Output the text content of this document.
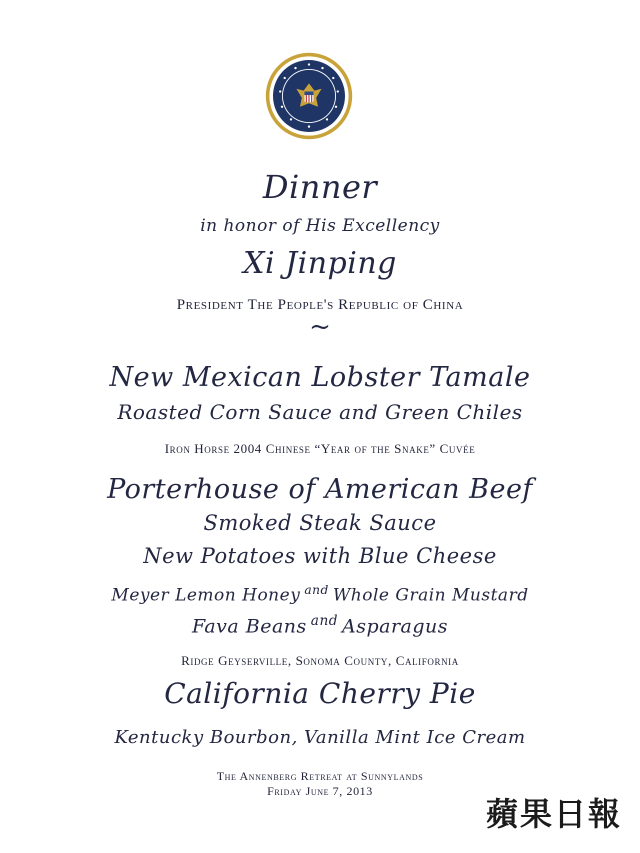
Dinner
in honor of His Excellency
Xi Jinping
President The People's Republic of China
~
New Mexican Lobster Tamale
Roasted Corn Sauce and Green Chiles
Iron Horse 2004 Chinese “Year of the Snake” Cuvée
Porterhouse of American Beef
Smoked Steak Sauce
New Potatoes with Blue Cheese
Meyer Lemon Honey $^{and}$ Whole Grain Mustard
Fava Beans $^{and}$ Asparagus
Ridge Geyserville, Sonoma County, California
California Cherry Pie
Kentucky Bourbon, Vanilla Mint Ice Cream
The Annenberg Retreat at Sunnylands
Friday June 7, 2013
蘋果日報
